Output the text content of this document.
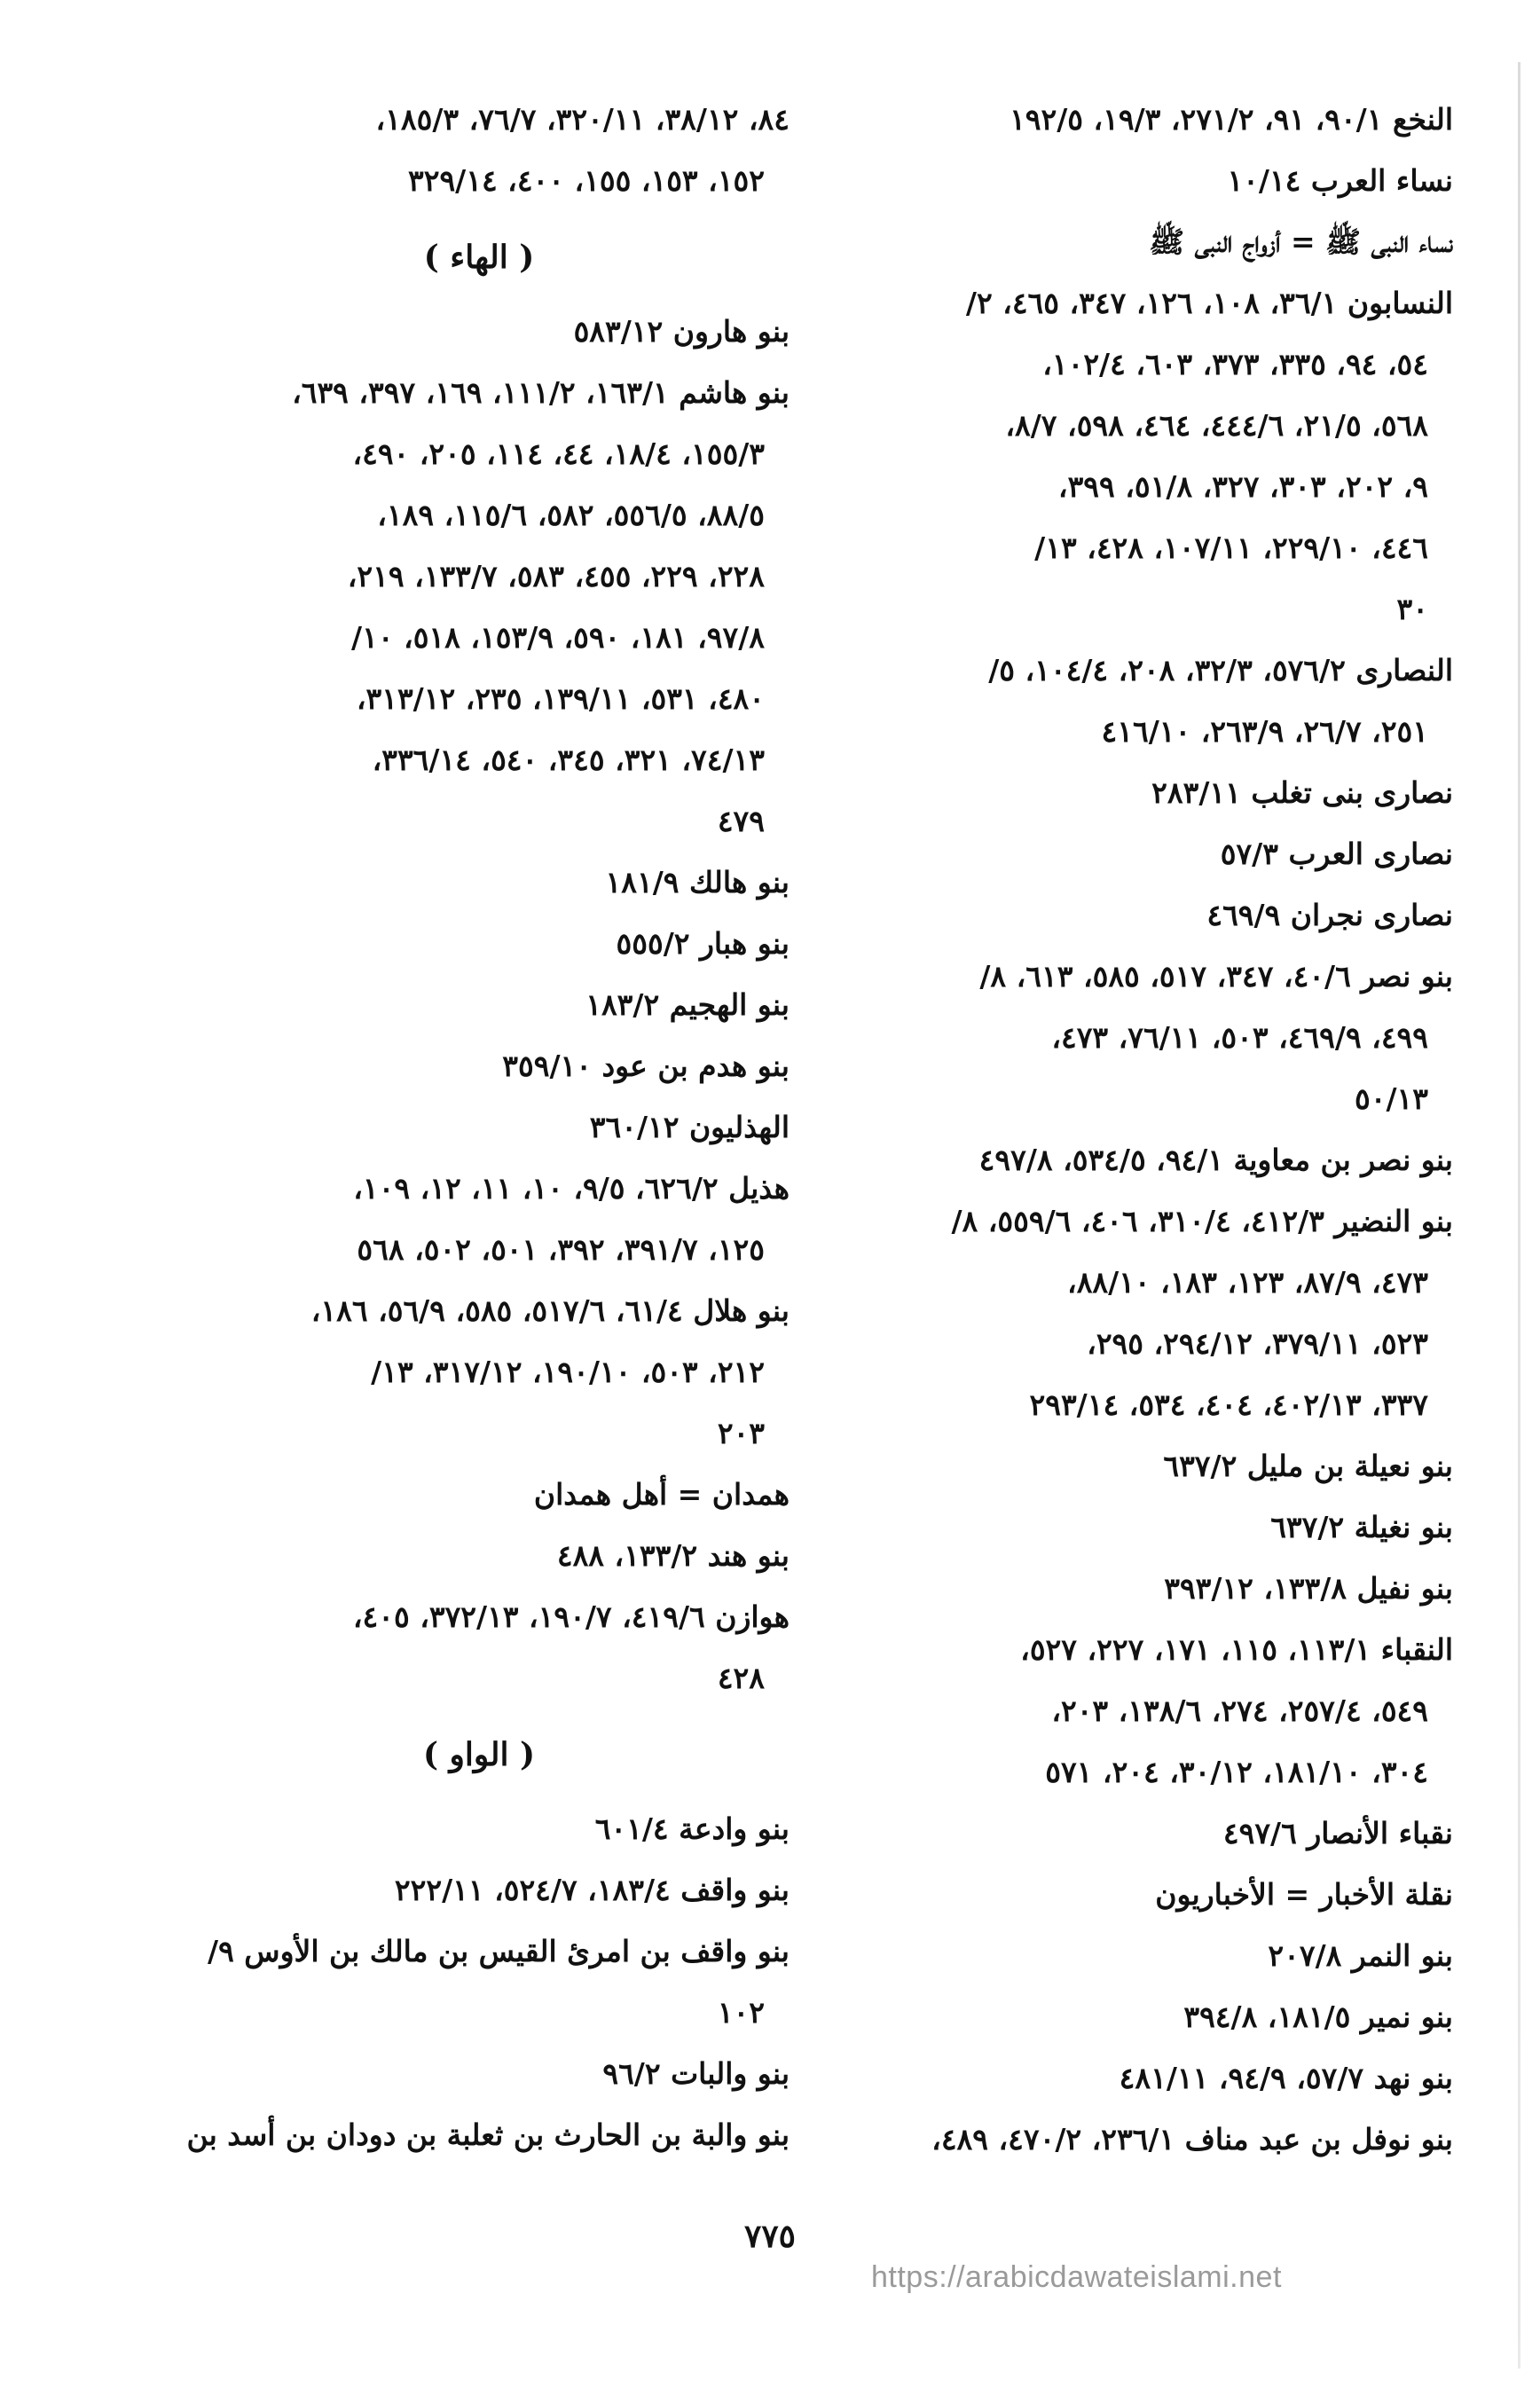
النخع ٩٠/١، ٩١، ٢٧١/٢، ١٩/٣، ١٩٢/٥
نساء العرب ١٠/١٤
نساء النبى ﷺ = أزواج النبى ﷺ
النسابون ٣٦/١، ١٠٨، ١٢٦، ٣٤٧، ٤٦٥، ٢/
٥٤، ٩٤، ٣٣٥، ٣٧٣، ٦٠٣، ١٠٢/٤،
٥٦٨، ٢١/٥، ٤٤٤/٦، ٤٦٤، ٥٩٨، ٨/٧،
٩، ٢٠٢، ٣٠٣، ٣٢٧، ٥١/٨، ٣٩٩،
٤٤٦، ٢٢٩/١٠، ١٠٧/١١، ٤٢٨، ١٣/
٣٠
النصارى ٥٧٦/٢، ٣٢/٣، ٢٠٨، ١٠٤/٤، ٥/
٢٥١، ٢٦/٧، ٢٦٣/٩، ٤١٦/١٠
نصارى بنى تغلب ٢٨٣/١١
نصارى العرب ٥٧/٣
نصارى نجران ٤٦٩/٩
بنو نصر ٤٠/٦، ٣٤٧، ٥١٧، ٥٨٥، ٦١٣، ٨/
٤٩٩، ٤٦٩/٩، ٥٠٣، ٧٦/١١، ٤٧٣،
٥٠/١٣
بنو نصر بن معاوية ٩٤/١، ٥٣٤/٥، ٤٩٧/٨
بنو النضير ٤١٢/٣، ٣١٠/٤، ٤٠٦، ٥٥٩/٦، ٨/
٤٧٣، ٨٧/٩، ١٢٣، ١٨٣، ٨٨/١٠،
٥٢٣، ٣٧٩/١١، ٢٩٤/١٢، ٢٩٥،
٣٣٧، ٤٠٢/١٣، ٤٠٤، ٥٣٤، ٢٩٣/١٤
بنو نعيلة بن مليل ٦٣٧/٢
بنو نغيلة ٦٣٧/٢
بنو نفيل ١٣٣/٨، ٣٩٣/١٢
النقباء ١١٣/١، ١١٥، ١٧١، ٢٢٧، ٥٢٧،
٥٤٩، ٢٥٧/٤، ٢٧٤، ١٣٨/٦، ٢٠٣،
٣٠٤، ١٨١/١٠، ٣٠/١٢، ٢٠٤، ٥٧١
نقباء الأنصار ٤٩٧/٦
نقلة الأخبار = الأخباريون
بنو النمر ٢٠٧/٨
بنو نمير ١٨١/٥، ٣٩٤/٨
بنو نهد ٥٧/٧، ٩٤/٩، ٤٨١/١١
بنو نوفل بن عبد مناف ٢٣٦/١، ٤٧٠/٢، ٤٨٩،
٨٤، ٣٨/١٢، ٣٢٠/١١، ٧٦/٧، ١٨٥/٣،
١٥٢، ١٥٣، ١٥٥، ٤٠٠، ٣٢٩/١٤
( الهاء )
بنو هارون ٥٨٣/١٢
بنو هاشم ١٦٣/١، ١١١/٢، ١٦٩، ٣٩٧، ٦٣٩،
١٥٥/٣، ١٨/٤، ٤٤، ١١٤، ٢٠٥، ٤٩٠،
٨٨/٥، ٥٥٦/٥، ٥٨٢، ١١٥/٦، ١٨٩،
٢٢٨، ٢٢٩، ٤٥٥، ٥٨٣، ١٣٣/٧، ٢١٩،
٩٧/٨، ١٨١، ٥٩٠، ١٥٣/٩، ٥١٨، ١٠/
٤٨٠، ٥٣١، ١٣٩/١١، ٢٣٥، ٣١٣/١٢،
٧٤/١٣، ٣٢١، ٣٤٥، ٥٤٠، ٣٣٦/١٤،
٤٧٩
بنو هالك ١٨١/٩
بنو هبار ٥٥٥/٢
بنو الهجيم ١٨٣/٢
بنو هدم بن عود ٣٥٩/١٠
الهذليون ٣٦٠/١٢
هذيل ٦٢٦/٢، ٩/٥، ١٠، ١١، ١٢، ١٠٩،
١٢٥، ٣٩١/٧، ٣٩٢، ٥٠١، ٥٠٢، ٥٦٨
بنو هلال ٦١/٤، ٥١٧/٦، ٥٨٥، ٥٦/٩، ١٨٦،
٢١٢، ٥٠٣، ١٩٠/١٠، ٣١٧/١٢، ١٣/
٢٠٣
همدان = أهل همدان
بنو هند ١٣٣/٢، ٤٨٨
هوازن ٤١٩/٦، ١٩٠/٧، ٣٧٢/١٣، ٤٠٥،
٤٢٨
( الواو )
بنو وادعة ٦٠١/٤
بنو واقف ١٨٣/٤، ٥٢٤/٧، ٢٢٢/١١
بنو واقف بن امرئ القيس بن مالك بن الأوس ٩/
١٠٢
بنو والبات ٩٦/٢
بنو والبة بن الحارث بن ثعلبة بن دودان بن أسد بن
٧٧٥
https://arabicdawateislami.net
